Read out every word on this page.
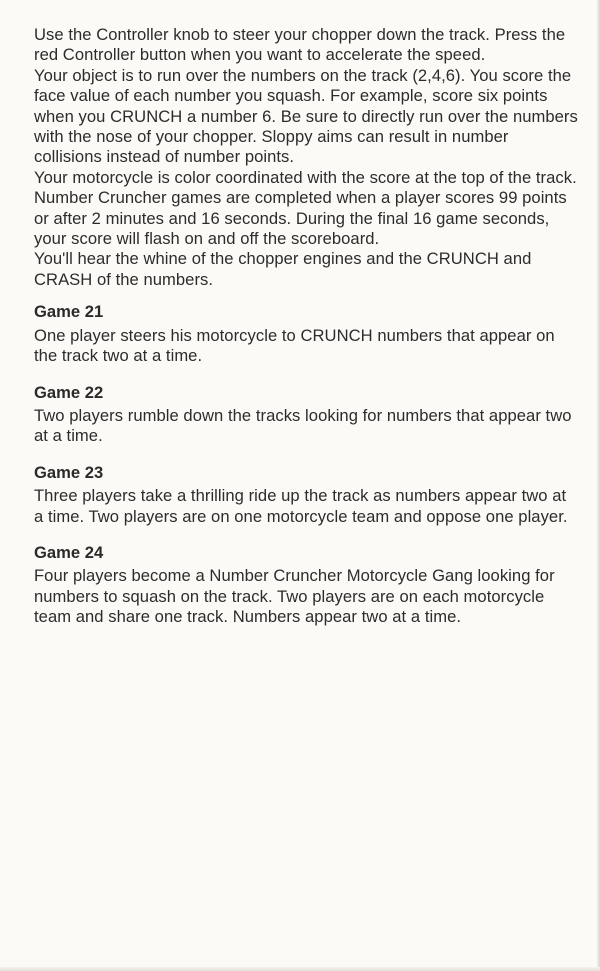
Use the Controller knob to steer your chopper down the track. Press the red Controller button when you want to accelerate the speed.

Your object is to run over the numbers on the track (2,4,6). You score the face value of each number you squash. For example, score six points when you CRUNCH a number 6. Be sure to directly run over the numbers with the nose of your chopper. Sloppy aims can result in number collisions instead of number points.

Your motorcycle is color coordinated with the score at the top of the track. Number Cruncher games are completed when a player scores 99 points or after 2 minutes and 16 seconds. During the final 16 game seconds, your score will flash on and off the scoreboard.

You'll hear the whine of the chopper engines and the CRUNCH and CRASH of the numbers.

Game 21

One player steers his motorcycle to CRUNCH numbers that appear on the track two at a time.

Game 22

Two players rumble down the tracks looking for numbers that appear two at a time.

Game 23

Three players take a thrilling ride up the track as numbers appear two at a time. Two players are on one motorcycle team and oppose one player.

Game 24

Four players become a Number Cruncher Motorcycle Gang looking for numbers to squash on the track. Two players are on each motorcycle team and share one track. Numbers appear two at a time.
